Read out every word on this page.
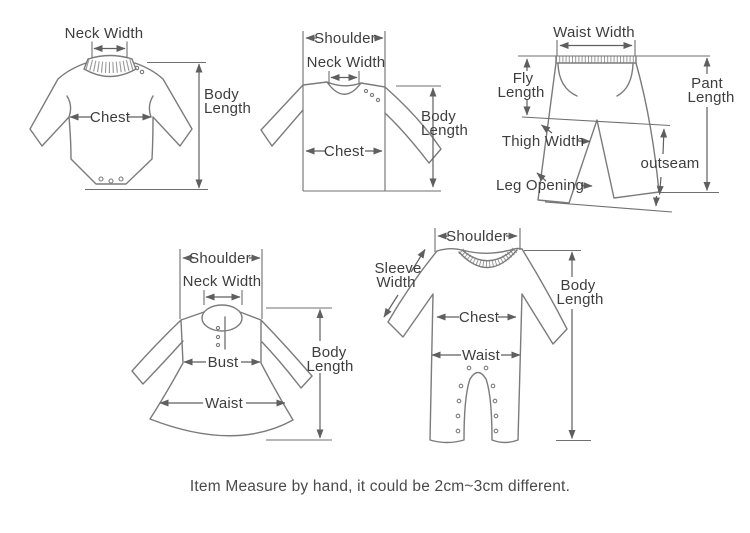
Neck Width
Chest
Body
Length
Shoulder
Neck Width
Chest
Body
Length
Waist Width
Fly
Length
Pant
Length
Thigh Width
Leg Opening
outseam
Shoulder
Neck Width
Bust
Waist
Body
Length
Shoulder
Sleeve
Width
Chest
Waist
Body
Length
Item Measure by hand, it could be 2cm~3cm different.
